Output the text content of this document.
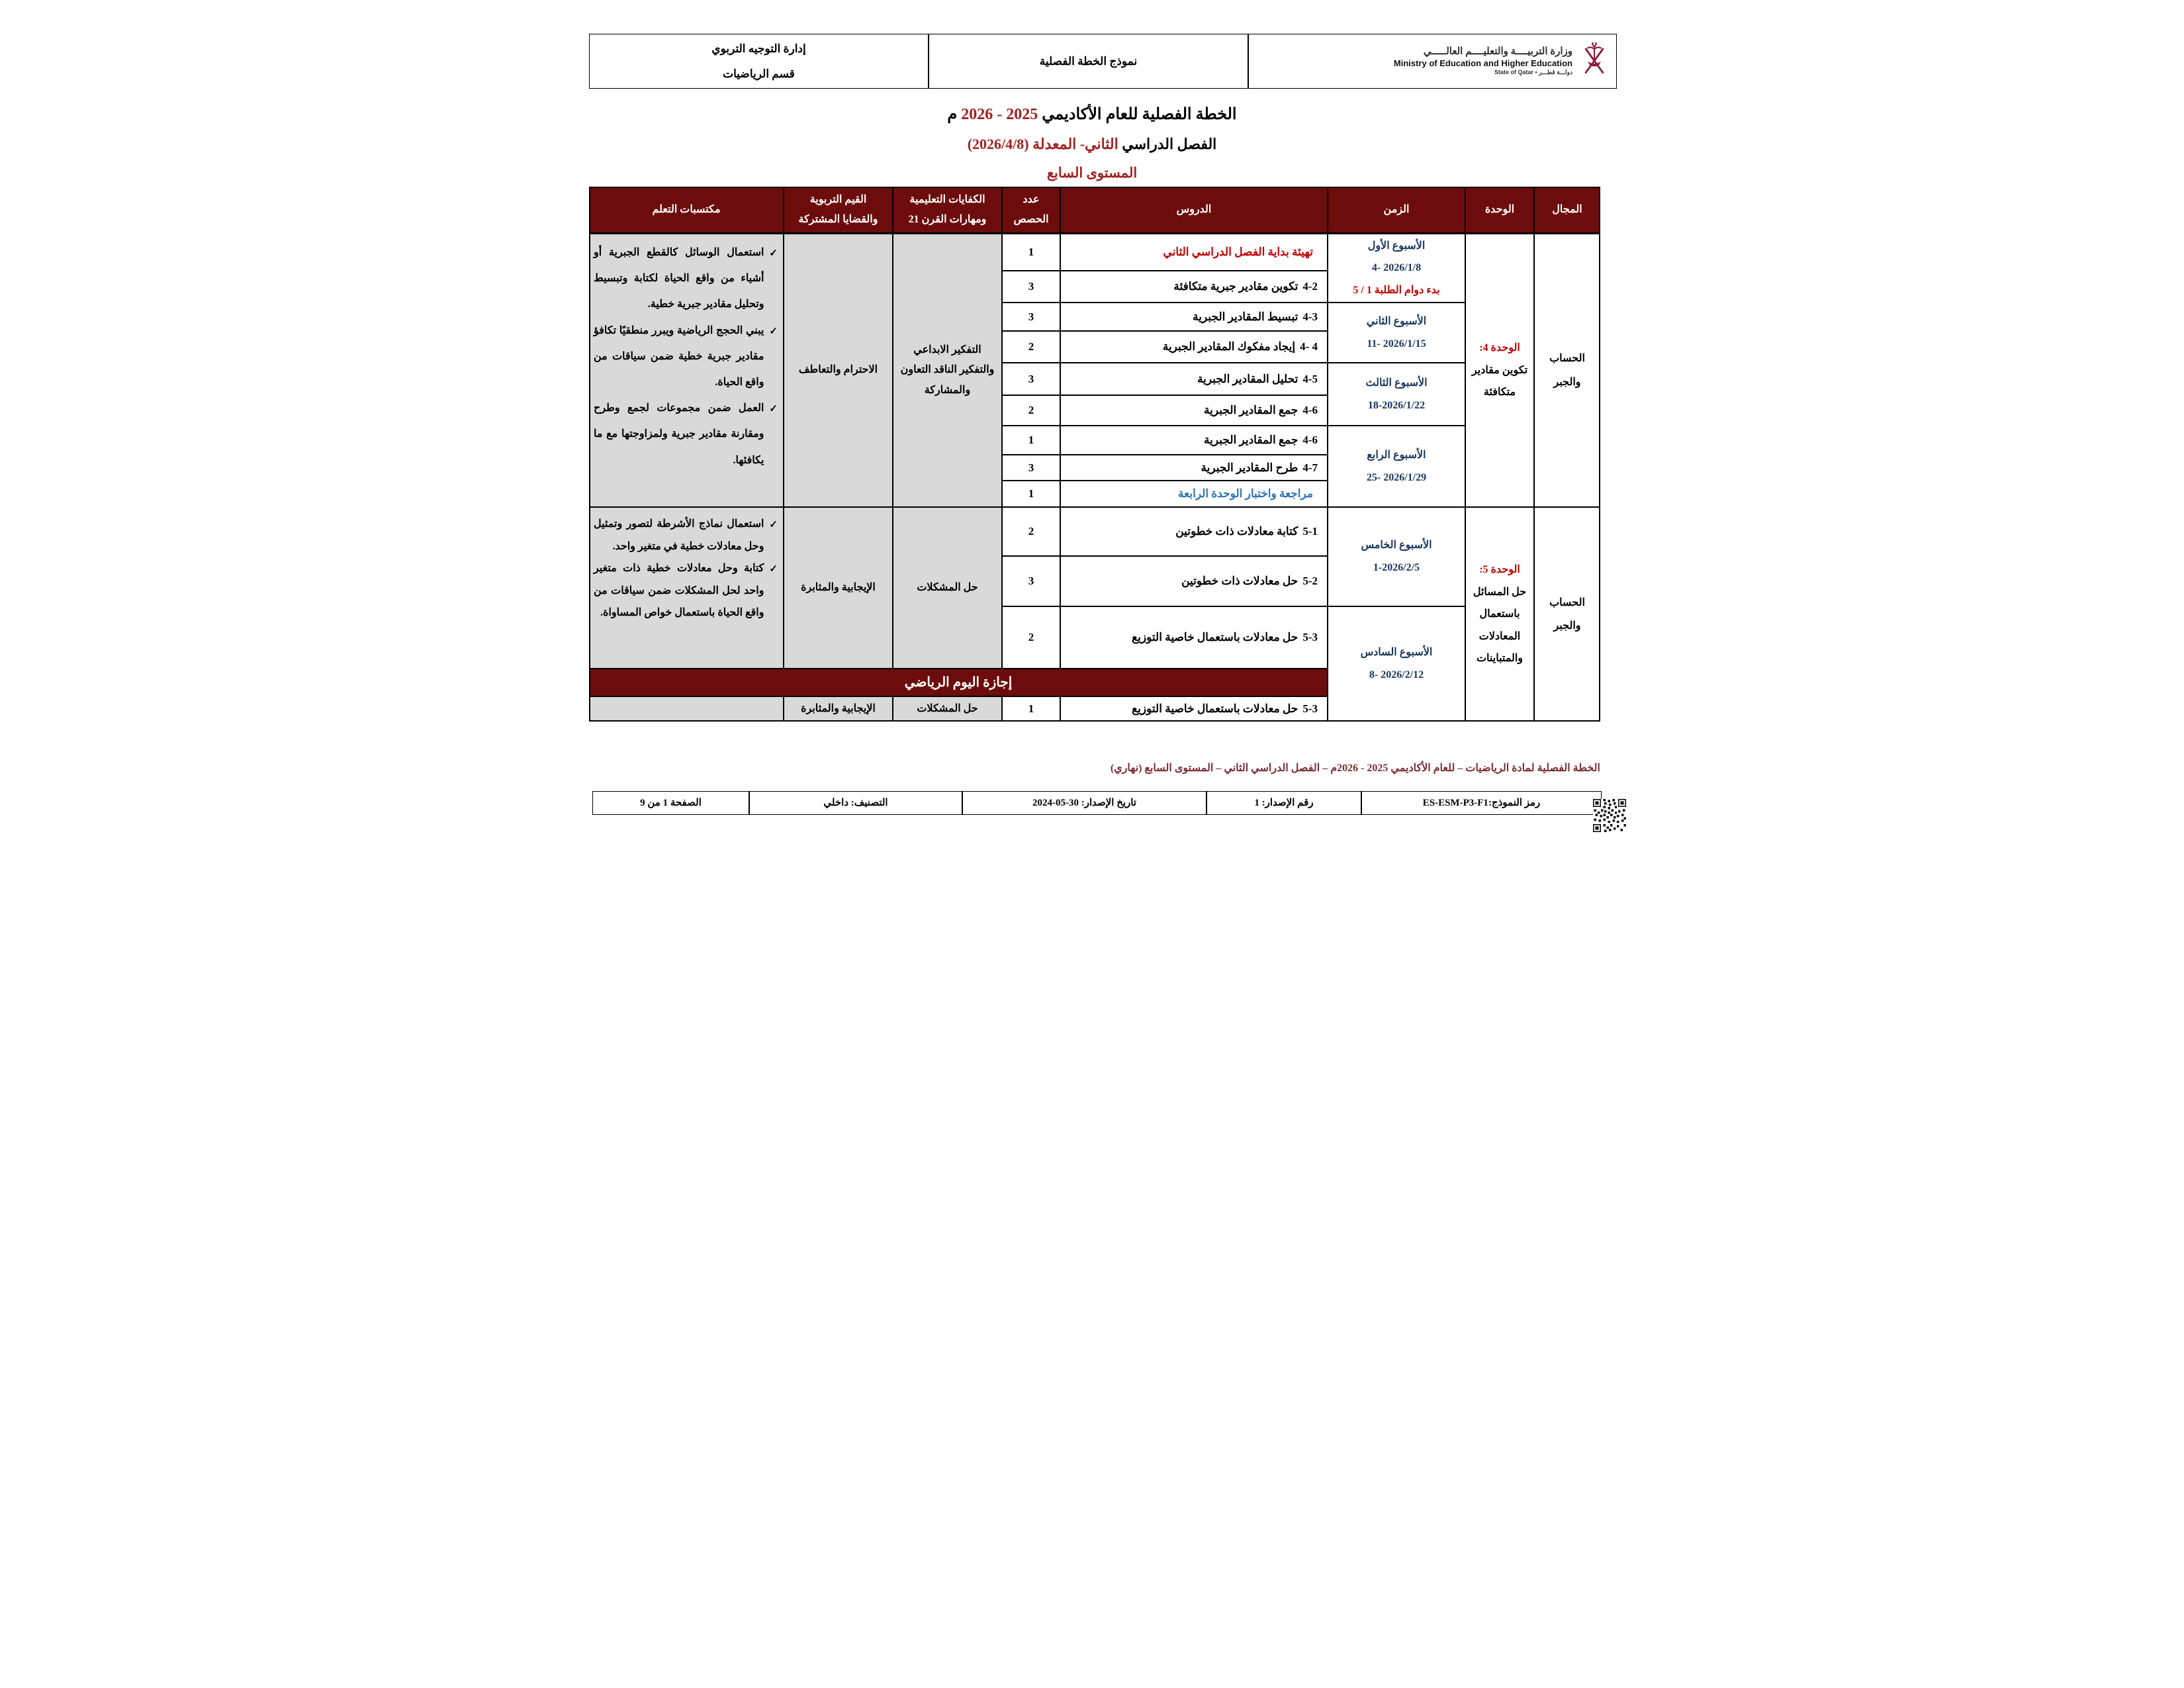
إدارة التوجيه التربوي
قسم الرياضيات
نموذج الخطة الفصلية
وزارة التربيــــة والتعليــــم العالـــــي
Ministry of Education and Higher Education
دولـــة قطـــر • State of Qatar
الخطة الفصلية للعام الأكاديمي 2025 - 2026 م
الفصل الدراسي الثاني- المعدلة (2026/4/8)
المستوى السابع
المجال
الوحدة
الزمن
الدروس
عدد
الحصص
الكفايات التعليمية
ومهارات القرن 21
القيم التربوية
والقضايا المشتركة
مكتسبات التعلم
تهيئة بداية الفصل الدراسي الثاني
1
4-2
تكوين مقادير جبرية متكافئة
3
4-3
تبسيط المقادير الجبرية
3
4- 4
إيجاد مفكوك المقادير الجبرية
2
4-5
تحليل المقادير الجبرية
3
4-6
جمع المقادير الجبرية
2
4-6
جمع المقادير الجبرية
1
4-7
طرح المقادير الجبرية
3
مراجعة واختبار الوحدة الرابعة
1
5-1
كتابة معادلات ذات خطوتين
2
5-2
حل معادلات ذات خطوتين
3
5-3
حل معادلات باستعمال خاصية التوزيع
2
5-3
حل معادلات باستعمال خاصية التوزيع
1
الأسبوع الأول
4- 2026/1/8
5 / 1 بدء دوام الطلبة
الأسبوع الثاني
11- 2026/1/15
الأسبوع الثالث
18-2026/1/22
الأسبوع الرابع
25- 2026/1/29
الأسبوع الخامس
1-2026/2/5
الأسبوع السادس
8- 2026/2/12
الوحدة 4:
تكوين مقادير متكافئة
الوحدة 5:
حل المسائل باستعمال المعادلات والمتباينات
الحساب والجبر
الحساب والجبر
التفكير الابداعي والتفكير الناقد التعاون والمشاركة
حل المشكلات
حل المشكلات
الاحترام والتعاطف
الإيجابية والمثابرة
الإيجابية والمثابرة
✓
استعمال الوسائل كالقطع الجبرية أو أشياء من واقع الحياة لكتابة وتبسيط وتحليل مقادير جبرية خطية.
✓
يبني الحجج الرياضية ويبرر منطقيًا تكافؤ مقادير جبرية خطية ضمن سياقات من واقع الحياة.
✓
العمل ضمن مجموعات لجمع وطرح ومقارنة مقادير جبرية ولمزاوجتها مع ما يكافئها.
✓
استعمال نماذج الأشرطة لتصور وتمثيل وحل معادلات خطية في متغير واحد.
✓
كتابة وحل معادلات خطية ذات متغير واحد لحل المشكلات ضمن سياقات من واقع الحياة باستعمال خواص المساواة.
إجازة اليوم الرياضي
الخطة الفصلية لمادة الرياضيات – للعام الأكاديمي 2025 - 2026م – الفصل الدراسي الثاني – المستوى السابع (نهاري)
رمز النموذج:ES-ESM-P3-F1
رقم الإصدار: 1
تاريخ الإصدار: 30-05-2024
التصنيف: داخلي
الصفحة 1 من 9
